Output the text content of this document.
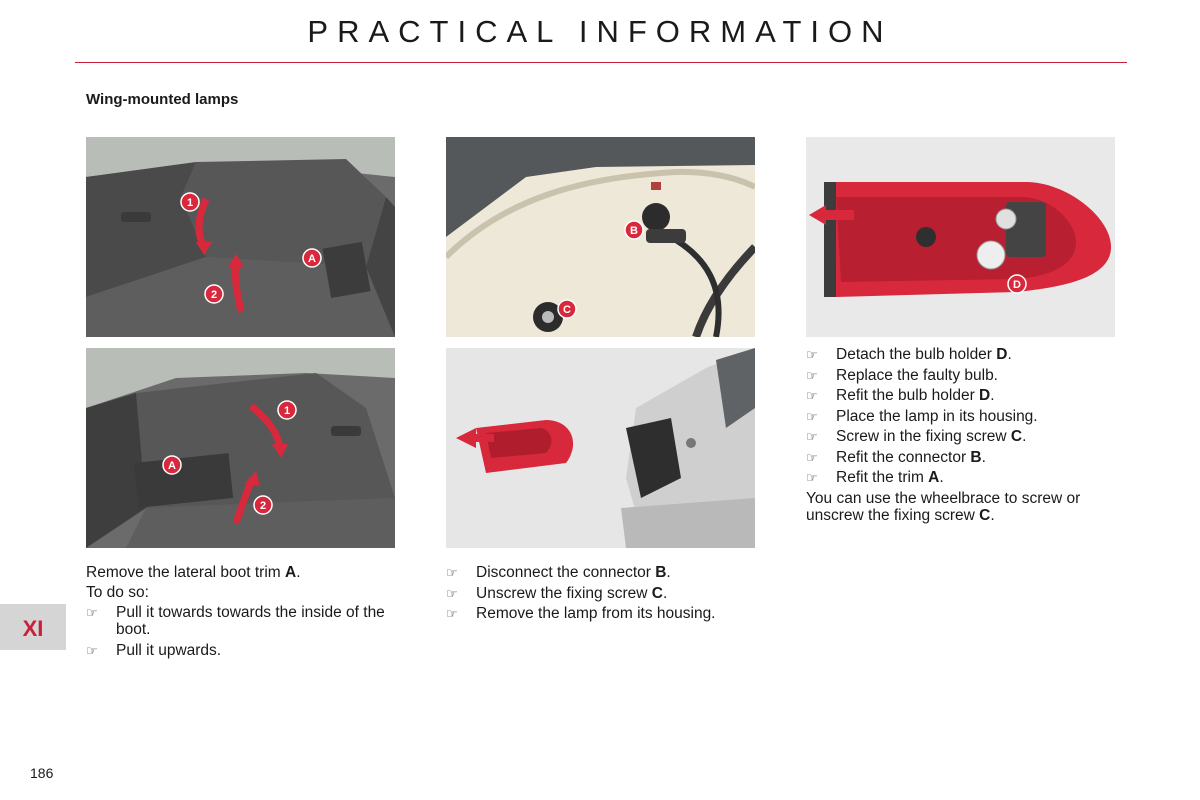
PRACTICAL INFORMATION
Wing-mounted lamps
1
2
A
1
2
A
B
C
D

Remove the lateral boot trim A.

To do so:

☞ Pull it towards towards the inside of the boot.
☞ Pull it upwards.
☞ Disconnect the connector B.
☞ Unscrew the fixing screw C.
☞ Remove the lamp from its housing.
☞ Detach the bulb holder D.
☞ Replace the faulty bulb.
☞ Refit the bulb holder D.
☞ Place the lamp in its housing.
☞ Screw in the fixing screw C.
☞ Refit the connector B.
☞ Refit the trim A.

You can use the wheelbrace to screw or unscrew the fixing screw C.

XI
186
